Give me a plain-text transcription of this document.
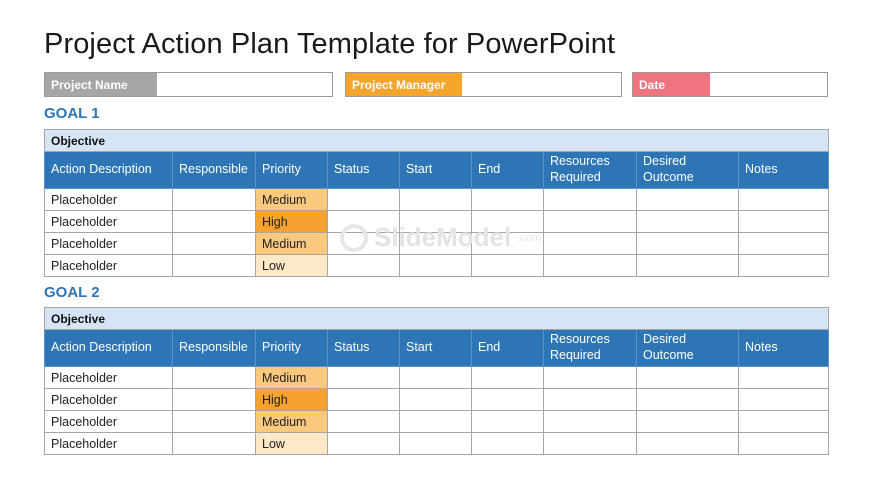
Project Action Plan Template for PowerPoint
Project Name	Project Manager	Date
GOAL 1
Objective								
Action Description	Responsible	Priority	Status	Start	End	Resources Required	Desired Outcome	Notes
Placeholder		Medium						
Placeholder		High						
Placeholder		Medium						
Placeholder		Low						
GOAL 2
Objective								
Action Description	Responsible	Priority	Status	Start	End	Resources Required	Desired Outcome	Notes
Placeholder		Medium						
Placeholder		High						
Placeholder		Medium						
Placeholder		Low						
SlideModel .com
